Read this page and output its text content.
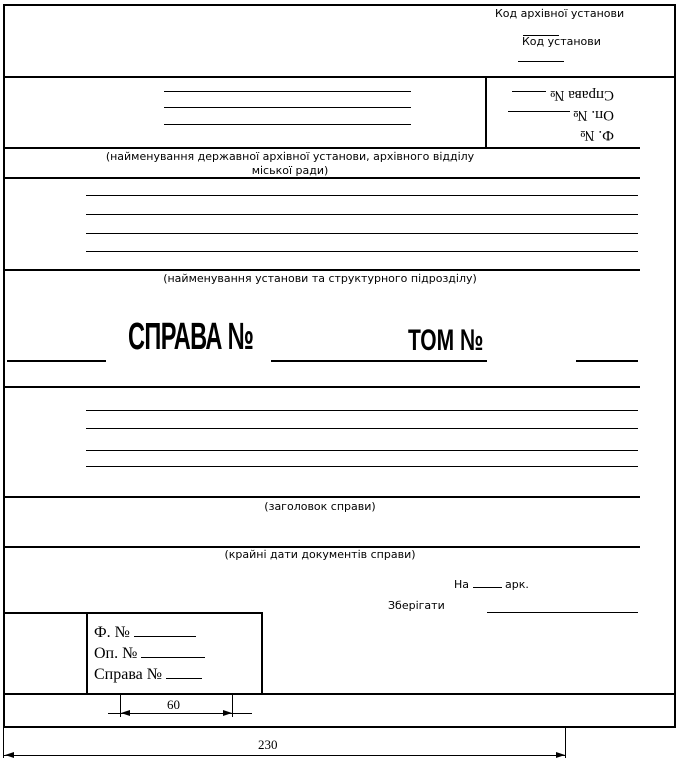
Код архівної установи
Код установи
Ф. №
Оп. №
Справа №
(найменування державної архівної установи, архівного відділу міської ради)
(найменування установи та структурного підрозділу)
СПРАВА №	ТОМ №
(заголовок справи)
(крайні дати документів справи)
На	арк.
Зберігати
Ф. №
Оп. №
Справа №
60
230
